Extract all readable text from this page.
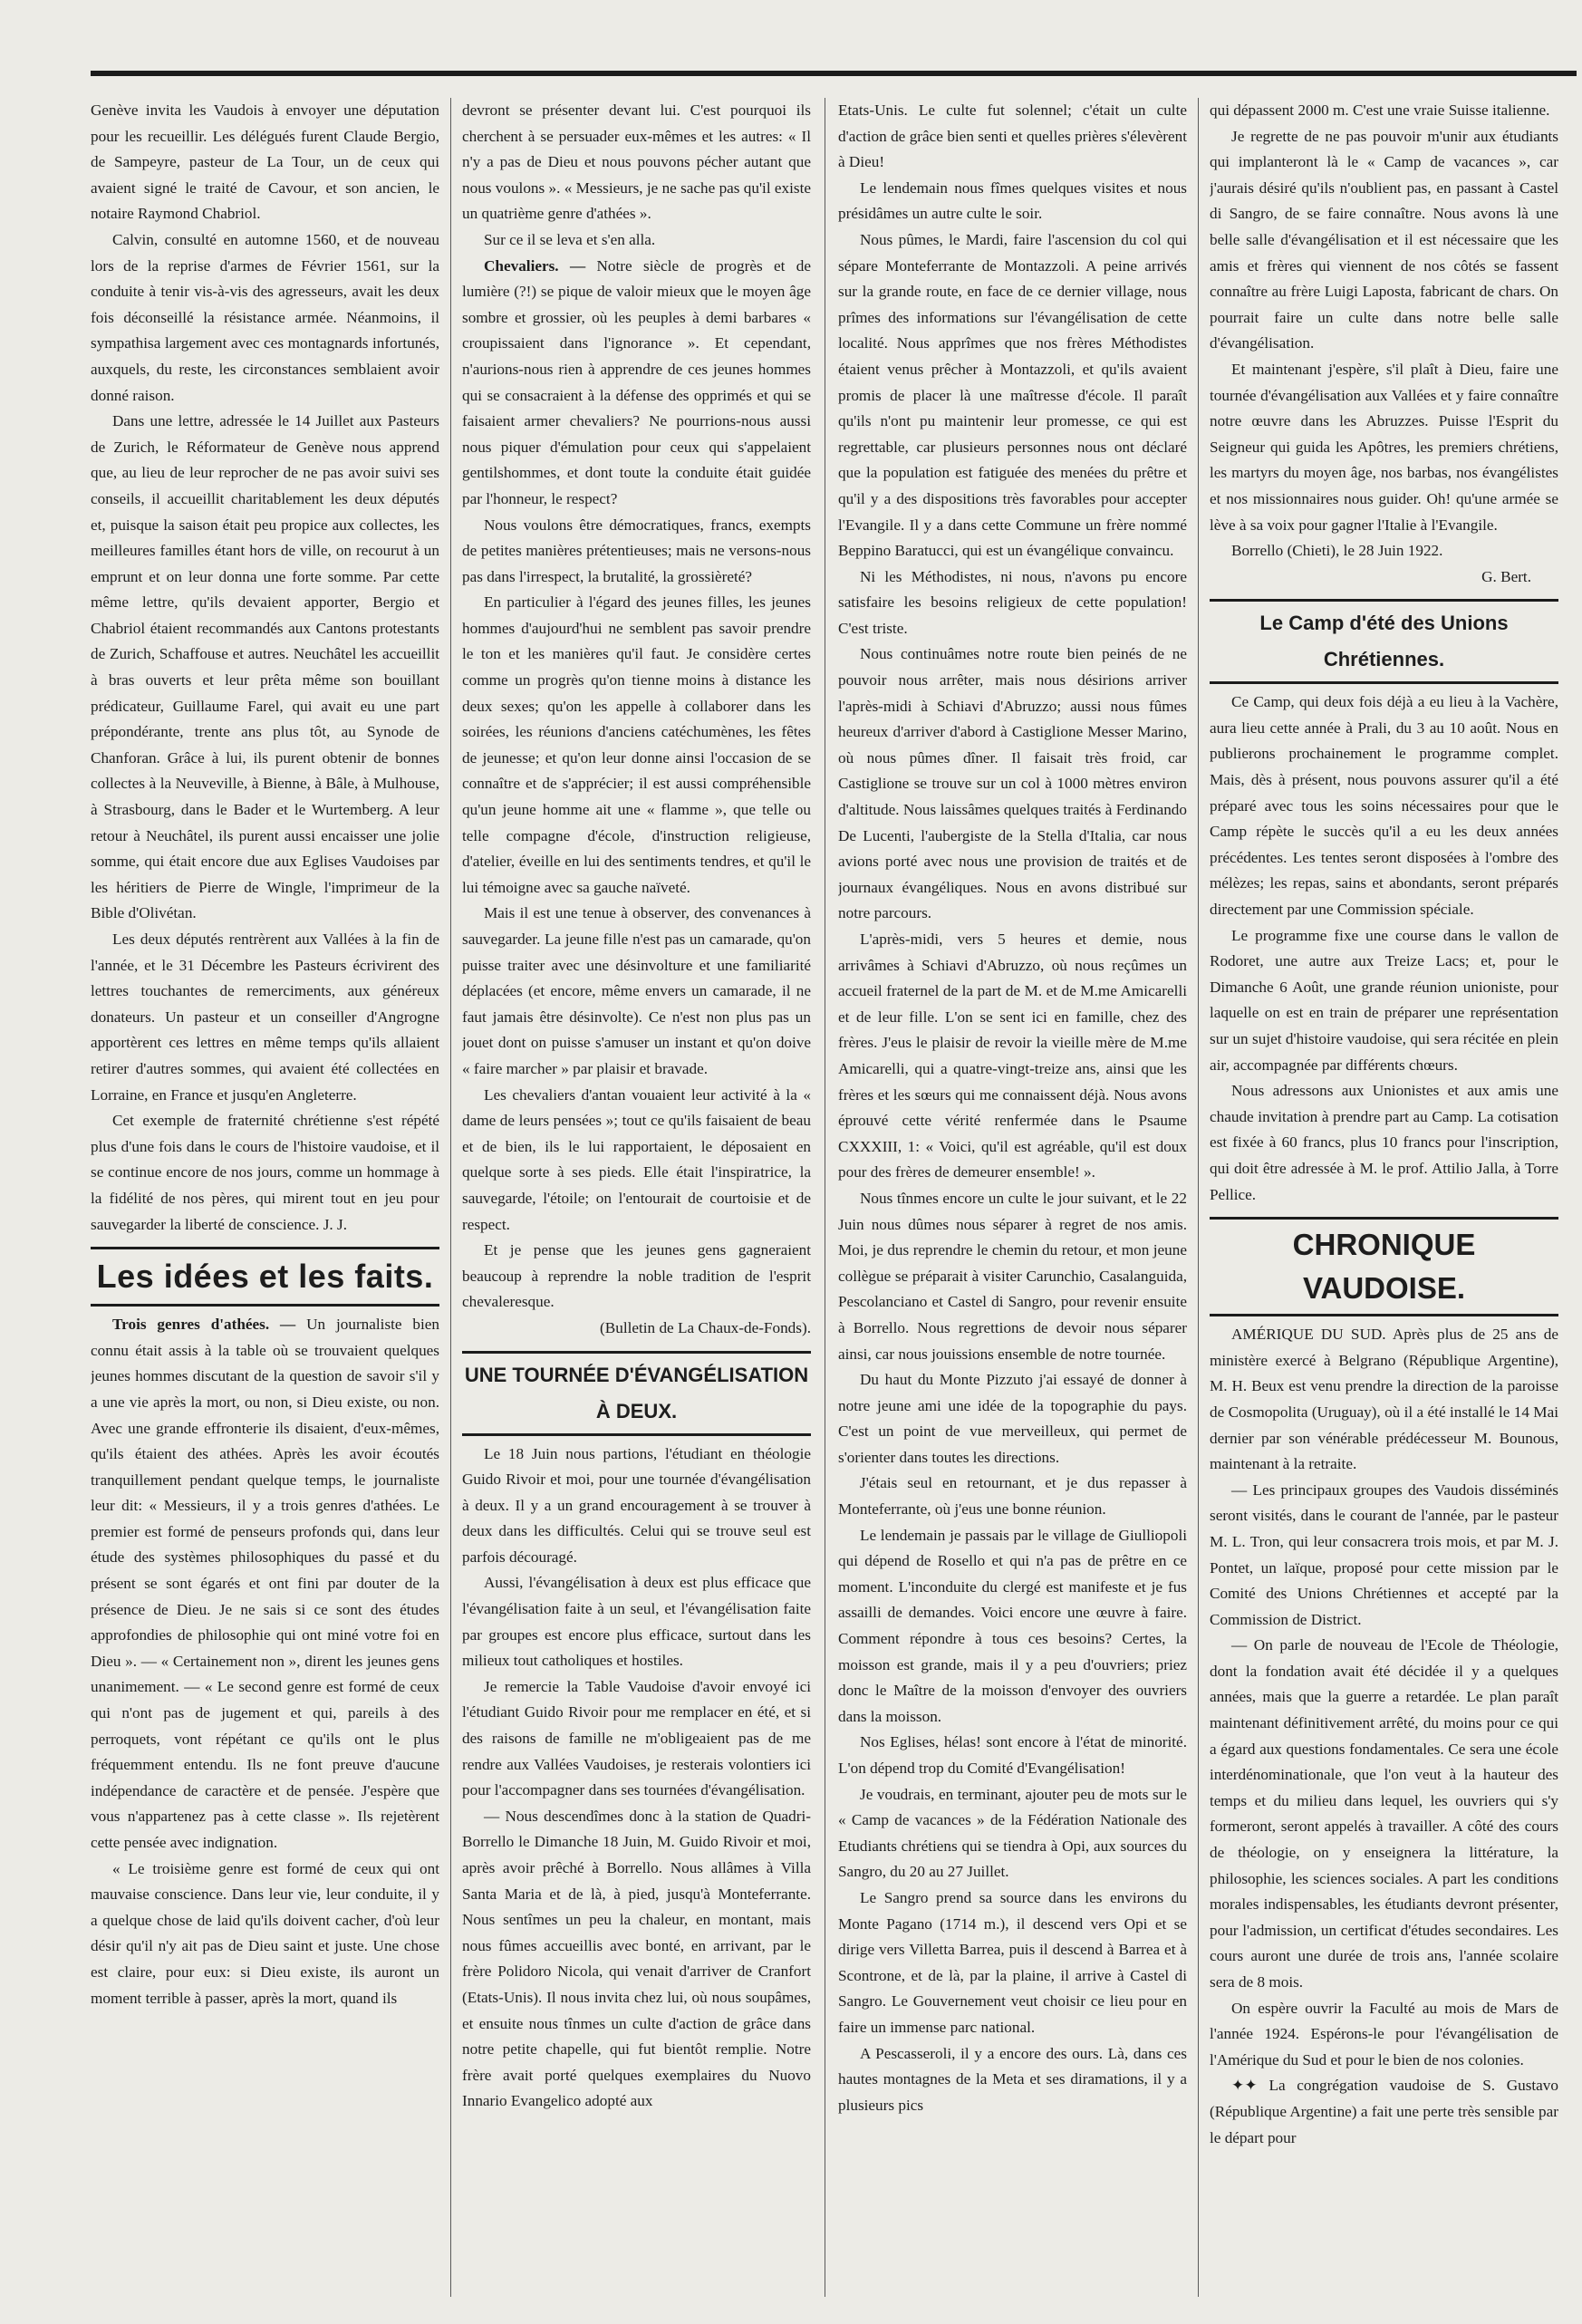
Genève invita les Vaudois à envoyer une députation pour les recueillir. Les délégués furent Claude Bergio, de Sampeyre, pasteur de La Tour, un de ceux qui avaient signé le traité de Cavour, et son ancien, le notaire Raymond Chabriol.

Calvin, consulté en automne 1560, et de nouveau lors de la reprise d'armes de Février 1561, sur la conduite à tenir vis-à-vis des agresseurs, avait les deux fois déconseillé la résistance armée. Néanmoins, il sympathisa largement avec ces montagnards infortunés, auxquels, du reste, les circonstances semblaient avoir donné raison.

Dans une lettre, adressée le 14 Juillet aux Pasteurs de Zurich, le Réformateur de Genève nous apprend que, au lieu de leur reprocher de ne pas avoir suivi ses conseils, il accueillit charitablement les deux députés et, puisque la saison était peu propice aux collectes, les meilleures familles étant hors de ville, on recourut à un emprunt et on leur donna une forte somme. Par cette même lettre, qu'ils devaient apporter, Bergio et Chabriol étaient recommandés aux Cantons protestants de Zurich, Schaffouse et autres. Neuchâtel les accueillit à bras ouverts et leur prêta même son bouillant prédicateur, Guillaume Farel, qui avait eu une part prépondérante, trente ans plus tôt, au Synode de Chanforan. Grâce à lui, ils purent obtenir de bonnes collectes à la Neuveville, à Bienne, à Bâle, à Mulhouse, à Strasbourg, dans le Bader et le Wurtemberg. A leur retour à Neuchâtel, ils purent aussi encaisser une jolie somme, qui était encore due aux Eglises Vaudoises par les héritiers de Pierre de Wingle, l'imprimeur de la Bible d'Olivétan.

Les deux députés rentrèrent aux Vallées à la fin de l'année, et le 31 Décembre les Pasteurs écrivirent des lettres touchantes de remerciments, aux généreux donateurs. Un pasteur et un conseiller d'Angrogne apportèrent ces lettres en même temps qu'ils allaient retirer d'autres sommes, qui avaient été collectées en Lorraine, en France et jusqu'en Angleterre.

Cet exemple de fraternité chrétienne s'est répété plus d'une fois dans le cours de l'histoire vaudoise, et il se continue encore de nos jours, comme un hommage à la fidélité de nos pères, qui mirent tout en jeu pour sauvegarder la liberté de conscience. J. J.

Les idées et les faits.

Trois genres d'athées. — Un journaliste bien connu était assis à la table où se trouvaient quelques jeunes hommes discutant de la question de savoir s'il y a une vie après la mort, ou non, si Dieu existe, ou non. Avec une grande effronterie ils disaient, d'eux-mêmes, qu'ils étaient des athées. Après les avoir écoutés tranquillement pendant quelque temps, le journaliste leur dit: « Messieurs, il y a trois genres d'athées. Le premier est formé de penseurs profonds qui, dans leur étude des systèmes philosophiques du passé et du présent se sont égarés et ont fini par douter de la présence de Dieu. Je ne sais si ce sont des études approfondies de philosophie qui ont miné votre foi en Dieu ». — « Certainement non », dirent les jeunes gens unanimement. — « Le second genre est formé de ceux qui n'ont pas de jugement et qui, pareils à des perroquets, vont répétant ce qu'ils ont le plus fréquemment entendu. Ils ne font preuve d'aucune indépendance de caractère et de pensée. J'espère que vous n'appartenez pas à cette classe ». Ils rejetèrent cette pensée avec indignation.

« Le troisième genre est formé de ceux qui ont mauvaise conscience. Dans leur vie, leur conduite, il y a quelque chose de laid qu'ils doivent cacher, d'où leur désir qu'il n'y ait pas de Dieu saint et juste. Une chose est claire, pour eux: si Dieu existe, ils auront un moment terrible à passer, après la mort, quand ils

devront se présenter devant lui. C'est pourquoi ils cherchent à se persuader eux-mêmes et les autres: « Il n'y a pas de Dieu et nous pouvons pécher autant que nous voulons ». « Messieurs, je ne sache pas qu'il existe un quatrième genre d'athées ».

Sur ce il se leva et s'en alla.

Chevaliers. — Notre siècle de progrès et de lumière (?!) se pique de valoir mieux que le moyen âge sombre et grossier, où les peuples à demi barbares « croupissaient dans l'ignorance ». Et cependant, n'aurions-nous rien à apprendre de ces jeunes hommes qui se consacraient à la défense des opprimés et qui se faisaient armer chevaliers? Ne pourrions-nous aussi nous piquer d'émulation pour ceux qui s'appelaient gentilshommes, et dont toute la conduite était guidée par l'honneur, le respect?

Nous voulons être démocratiques, francs, exempts de petites manières prétentieuses; mais ne versons-nous pas dans l'irrespect, la brutalité, la grossièreté?

En particulier à l'égard des jeunes filles, les jeunes hommes d'aujourd'hui ne semblent pas savoir prendre le ton et les manières qu'il faut. Je considère certes comme un progrès qu'on tienne moins à distance les deux sexes; qu'on les appelle à collaborer dans les soirées, les réunions d'anciens catéchumènes, les fêtes de jeunesse; et qu'on leur donne ainsi l'occasion de se connaître et de s'apprécier; il est aussi compréhensible qu'un jeune homme ait une « flamme », que telle ou telle compagne d'école, d'instruction religieuse, d'atelier, éveille en lui des sentiments tendres, et qu'il le lui témoigne avec sa gauche naïveté.

Mais il est une tenue à observer, des convenances à sauvegarder. La jeune fille n'est pas un camarade, qu'on puisse traiter avec une désinvolture et une familiarité déplacées (et encore, même envers un camarade, il ne faut jamais être désinvolte). Ce n'est non plus pas un jouet dont on puisse s'amuser un instant et qu'on doive « faire marcher » par plaisir et bravade.

Les chevaliers d'antan vouaient leur activité à la « dame de leurs pensées »; tout ce qu'ils faisaient de beau et de bien, ils le lui rapportaient, le déposaient en quelque sorte à ses pieds. Elle était l'inspiratrice, la sauvegarde, l'étoile; on l'entourait de courtoisie et de respect.

Et je pense que les jeunes gens gagneraient beaucoup à reprendre la noble tradition de l'esprit chevaleresque.

(Bulletin de La Chaux-de-Fonds).

UNE TOURNÉE D'ÉVANGÉLISATION À DEUX.

Le 18 Juin nous partions, l'étudiant en théologie Guido Rivoir et moi, pour une tournée d'évangélisation à deux. Il y a un grand encouragement à se trouver à deux dans les difficultés. Celui qui se trouve seul est parfois découragé.

Aussi, l'évangélisation à deux est plus efficace que l'évangélisation faite à un seul, et l'évangélisation faite par groupes est encore plus efficace, surtout dans les milieux tout catholiques et hostiles.

Je remercie la Table Vaudoise d'avoir envoyé ici l'étudiant Guido Rivoir pour me remplacer en été, et si des raisons de famille ne m'obligeaient pas de me rendre aux Vallées Vaudoises, je resterais volontiers ici pour l'accompagner dans ses tournées d'évangélisation.

— Nous descendîmes donc à la station de Quadri-Borrello le Dimanche 18 Juin, M. Guido Rivoir et moi, après avoir prêché à Borrello. Nous allâmes à Villa Santa Maria et de là, à pied, jusqu'à Monteferrante. Nous sentîmes un peu la chaleur, en montant, mais nous fûmes accueillis avec bonté, en arrivant, par le frère Polidoro Nicola, qui venait d'arriver de Cranfort (Etats-Unis). Il nous invita chez lui, où nous soupâmes, et ensuite nous tînmes un culte d'action de grâce dans notre petite chapelle, qui fut bientôt remplie. Notre frère avait porté quelques exemplaires du Nuovo Innario Evangelico adopté aux

Etats-Unis. Le culte fut solennel; c'était un culte d'action de grâce bien senti et quelles prières s'élevèrent à Dieu!

Le lendemain nous fîmes quelques visites et nous présidâmes un autre culte le soir.

Nous pûmes, le Mardi, faire l'ascension du col qui sépare Monteferrante de Montazzoli. A peine arrivés sur la grande route, en face de ce dernier village, nous prîmes des informations sur l'évangélisation de cette localité. Nous apprîmes que nos frères Méthodistes étaient venus prêcher à Montazzoli, et qu'ils avaient promis de placer là une maîtresse d'école. Il paraît qu'ils n'ont pu maintenir leur promesse, ce qui est regrettable, car plusieurs personnes nous ont déclaré que la population est fatiguée des menées du prêtre et qu'il y a des dispositions très favorables pour accepter l'Evangile. Il y a dans cette Commune un frère nommé Beppino Baratucci, qui est un évangélique convaincu.

Ni les Méthodistes, ni nous, n'avons pu encore satisfaire les besoins religieux de cette population! C'est triste.

Nous continuâmes notre route bien peinés de ne pouvoir nous arrêter, mais nous désirions arriver l'après-midi à Schiavi d'Abruzzo; aussi nous fûmes heureux d'arriver d'abord à Castiglione Messer Marino, où nous pûmes dîner. Il faisait très froid, car Castiglione se trouve sur un col à 1000 mètres environ d'altitude. Nous laissâmes quelques traités à Ferdinando De Lucenti, l'aubergiste de la Stella d'Italia, car nous avions porté avec nous une provision de traités et de journaux évangéliques. Nous en avons distribué sur notre parcours.

L'après-midi, vers 5 heures et demie, nous arrivâmes à Schiavi d'Abruzzo, où nous reçûmes un accueil fraternel de la part de M. et de M.me Amicarelli et de leur fille. L'on se sent ici en famille, chez des frères. J'eus le plaisir de revoir la vieille mère de M.me Amicarelli, qui a quatre-vingt-treize ans, ainsi que les frères et les sœurs qui me connaissent déjà. Nous avons éprouvé cette vérité renfermée dans le Psaume CXXXIII, 1: « Voici, qu'il est agréable, qu'il est doux pour des frères de demeurer ensemble! ».

Nous tînmes encore un culte le jour suivant, et le 22 Juin nous dûmes nous séparer à regret de nos amis. Moi, je dus reprendre le chemin du retour, et mon jeune collègue se préparait à visiter Carunchio, Casalanguida, Pescolanciano et Castel di Sangro, pour revenir ensuite à Borrello. Nous regrettions de devoir nous séparer ainsi, car nous jouissions ensemble de notre tournée.

Du haut du Monte Pizzuto j'ai essayé de donner à notre jeune ami une idée de la topographie du pays. C'est un point de vue merveilleux, qui permet de s'orienter dans toutes les directions.

J'étais seul en retournant, et je dus repasser à Monteferrante, où j'eus une bonne réunion.

Le lendemain je passais par le village de Giulliopoli qui dépend de Rosello et qui n'a pas de prêtre en ce moment. L'inconduite du clergé est manifeste et je fus assailli de demandes. Voici encore une œuvre à faire. Comment répondre à tous ces besoins? Certes, la moisson est grande, mais il y a peu d'ouvriers; priez donc le Maître de la moisson d'envoyer des ouvriers dans la moisson.

Nos Eglises, hélas! sont encore à l'état de minorité. L'on dépend trop du Comité d'Evangélisation!

Je voudrais, en terminant, ajouter peu de mots sur le « Camp de vacances » de la Fédération Nationale des Etudiants chrétiens qui se tiendra à Opi, aux sources du Sangro, du 20 au 27 Juillet.

Le Sangro prend sa source dans les environs du Monte Pagano (1714 m.), il descend vers Opi et se dirige vers Villetta Barrea, puis il descend à Barrea et à Scontrone, et de là, par la plaine, il arrive à Castel di Sangro. Le Gouvernement veut choisir ce lieu pour en faire un immense parc national.

A Pescasseroli, il y a encore des ours. Là, dans ces hautes montagnes de la Meta et ses diramations, il y a plusieurs pics

qui dépassent 2000 m. C'est une vraie Suisse italienne.

Je regrette de ne pas pouvoir m'unir aux étudiants qui implanteront là le « Camp de vacances », car j'aurais désiré qu'ils n'oublient pas, en passant à Castel di Sangro, de se faire connaître. Nous avons là une belle salle d'évangélisation et il est nécessaire que les amis et frères qui viennent de nos côtés se fassent connaître au frère Luigi Laposta, fabricant de chars. On pourrait faire un culte dans notre belle salle d'évangélisation.

Et maintenant j'espère, s'il plaît à Dieu, faire une tournée d'évangélisation aux Vallées et y faire connaître notre œuvre dans les Abruzzes. Puisse l'Esprit du Seigneur qui guida les Apôtres, les premiers chrétiens, les martyrs du moyen âge, nos barbas, nos évangélistes et nos missionnaires nous guider. Oh! qu'une armée se lève à sa voix pour gagner l'Italie à l'Evangile.

Borrello (Chieti), le 28 Juin 1922.

G. Bert.

Le Camp d'été des Unions Chrétiennes.

Ce Camp, qui deux fois déjà a eu lieu à la Vachère, aura lieu cette année à Prali, du 3 au 10 août. Nous en publierons prochainement le programme complet. Mais, dès à présent, nous pouvons assurer qu'il a été préparé avec tous les soins nécessaires pour que le Camp répète le succès qu'il a eu les deux années précédentes. Les tentes seront disposées à l'ombre des mélèzes; les repas, sains et abondants, seront préparés directement par une Commission spéciale.

Le programme fixe une course dans le vallon de Rodoret, une autre aux Treize Lacs; et, pour le Dimanche 6 Août, une grande réunion unioniste, pour laquelle on est en train de préparer une représentation sur un sujet d'histoire vaudoise, qui sera récitée en plein air, accompagnée par différents chœurs.

Nous adressons aux Unionistes et aux amis une chaude invitation à prendre part au Camp. La cotisation est fixée à 60 francs, plus 10 francs pour l'inscription, qui doit être adressée à M. le prof. Attilio Jalla, à Torre Pellice.

CHRONIQUE VAUDOISE.

AMÉRIQUE DU SUD. Après plus de 25 ans de ministère exercé à Belgrano (République Argentine), M. H. Beux est venu prendre la direction de la paroisse de Cosmopolita (Uruguay), où il a été installé le 14 Mai dernier par son vénérable prédécesseur M. Bounous, maintenant à la retraite.

— Les principaux groupes des Vaudois disséminés seront visités, dans le courant de l'année, par le pasteur M. L. Tron, qui leur consacrera trois mois, et par M. J. Pontet, un laïque, proposé pour cette mission par le Comité des Unions Chrétiennes et accepté par la Commission de District.

— On parle de nouveau de l'Ecole de Théologie, dont la fondation avait été décidée il y a quelques années, mais que la guerre a retardée. Le plan paraît maintenant définitivement arrêté, du moins pour ce qui a égard aux questions fondamentales. Ce sera une école interdénominationale, que l'on veut à la hauteur des temps et du milieu dans lequel, les ouvriers qui s'y formeront, seront appelés à travailler. A côté des cours de théologie, on y enseignera la littérature, la philosophie, les sciences sociales. A part les conditions morales indispensables, les étudiants devront présenter, pour l'admission, un certificat d'études secondaires. Les cours auront une durée de trois ans, l'année scolaire sera de 8 mois.

On espère ouvrir la Faculté au mois de Mars de l'année 1924. Espérons-le pour l'évangélisation de l'Amérique du Sud et pour le bien de nos colonies.

✦✦ La congrégation vaudoise de S. Gustavo (République Argentine) a fait une perte très sensible par le départ pour
